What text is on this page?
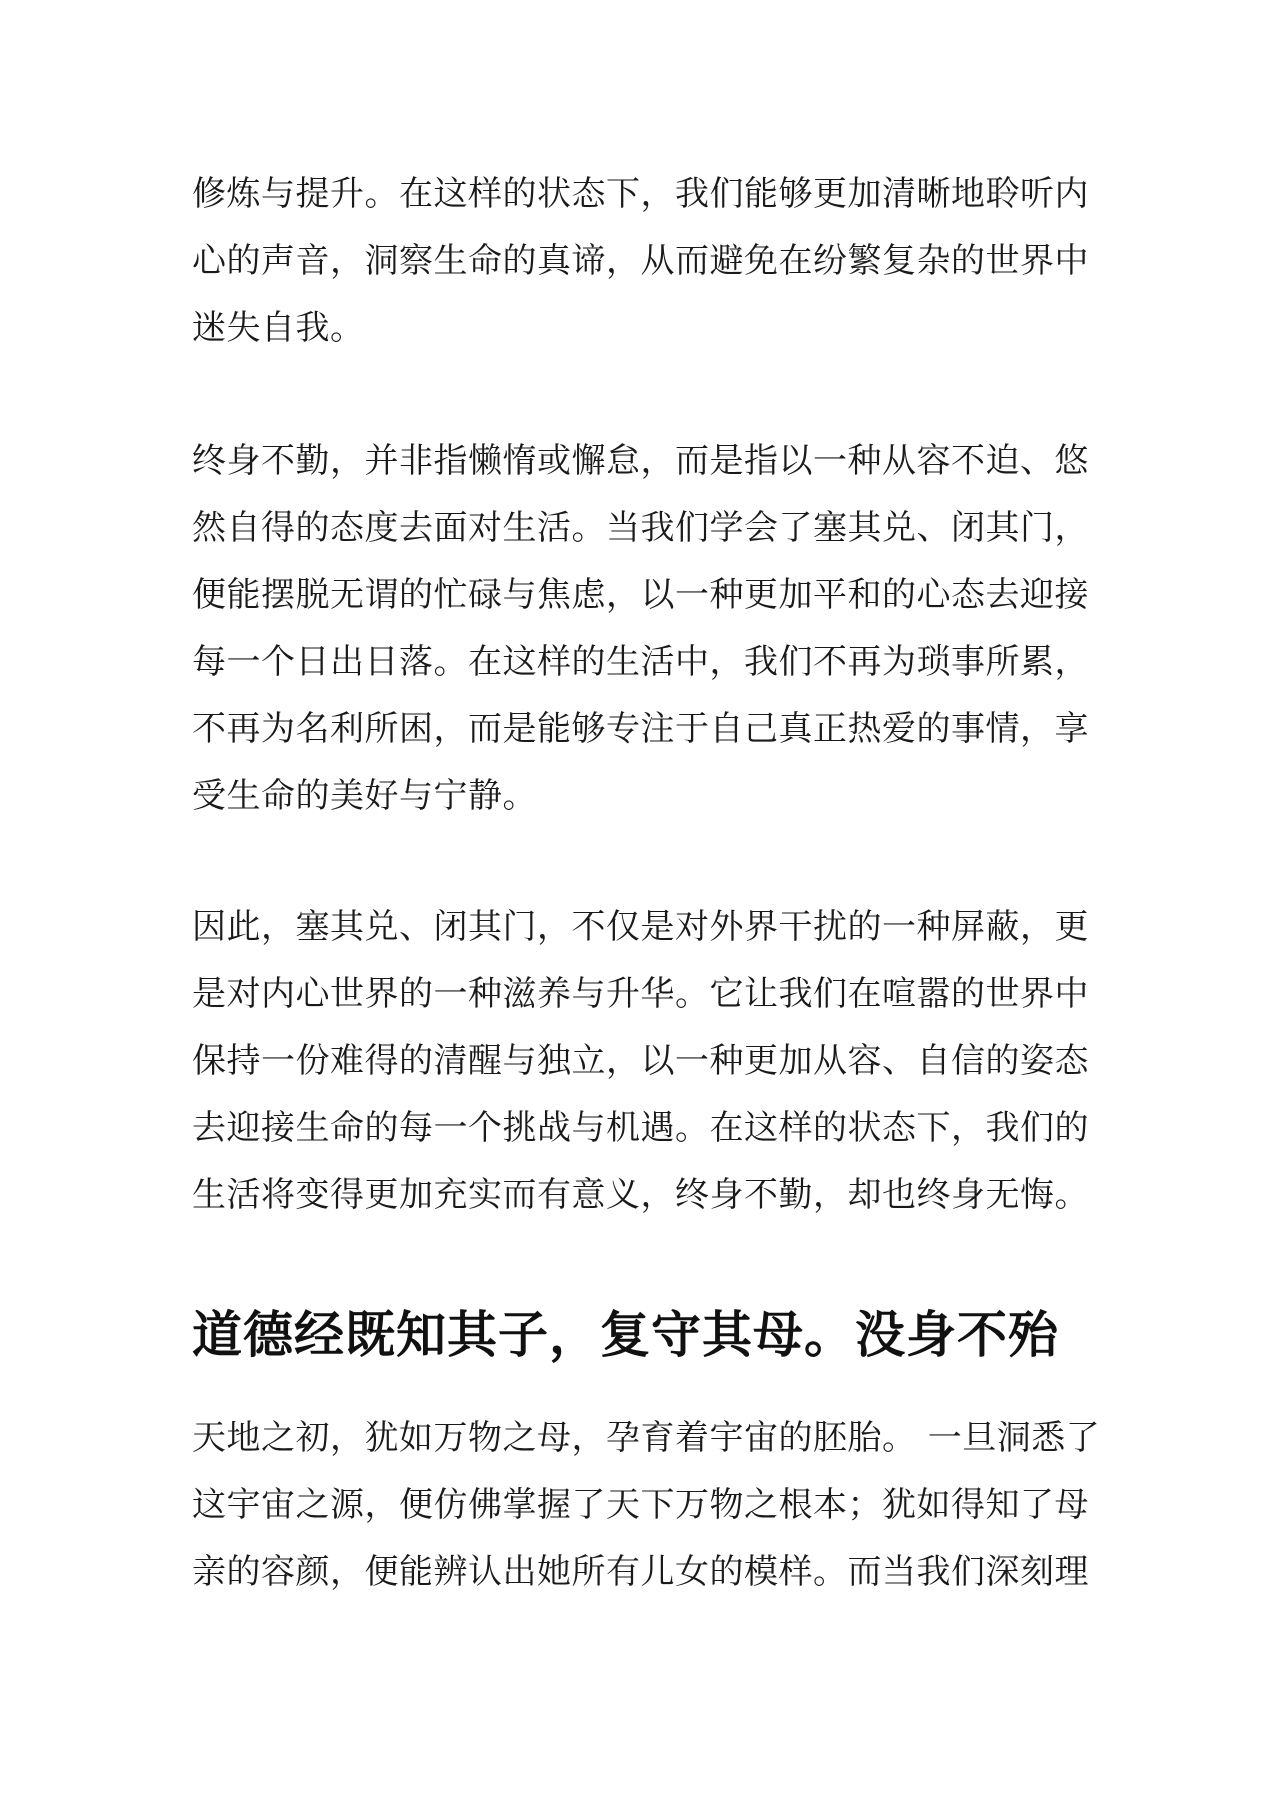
修炼与提升。在这样的状态下，我们能够更加清晰地聆听内
心的声音，洞察生命的真谛，从而避免在纷繁复杂的世界中
迷失自我。
终身不勤，并非指懒惰或懈怠，而是指以一种从容不迫、悠
然自得的态度去面对生活。当我们学会了塞其兑、闭其门，
便能摆脱无谓的忙碌与焦虑，以一种更加平和的心态去迎接
每一个日出日落。在这样的生活中，我们不再为琐事所累，
不再为名利所困，而是能够专注于自己真正热爱的事情，享
受生命的美好与宁静。
因此，塞其兑、闭其门，不仅是对外界干扰的一种屏蔽，更
是对内心世界的一种滋养与升华。它让我们在喧嚣的世界中
保持一份难得的清醒与独立，以一种更加从容、自信的姿态
去迎接生命的每一个挑战与机遇。在这样的状态下，我们的
生活将变得更加充实而有意义，终身不勤，却也终身无悔。
道德经既知其子，复守其母。没身不殆
天地之初，犹如万物之母，孕育着宇宙的胚胎。 一旦洞悉了
这宇宙之源，便仿佛掌握了天下万物之根本；犹如得知了母
亲的容颜，便能辨认出她所有儿女的模样。而当我们深刻理
